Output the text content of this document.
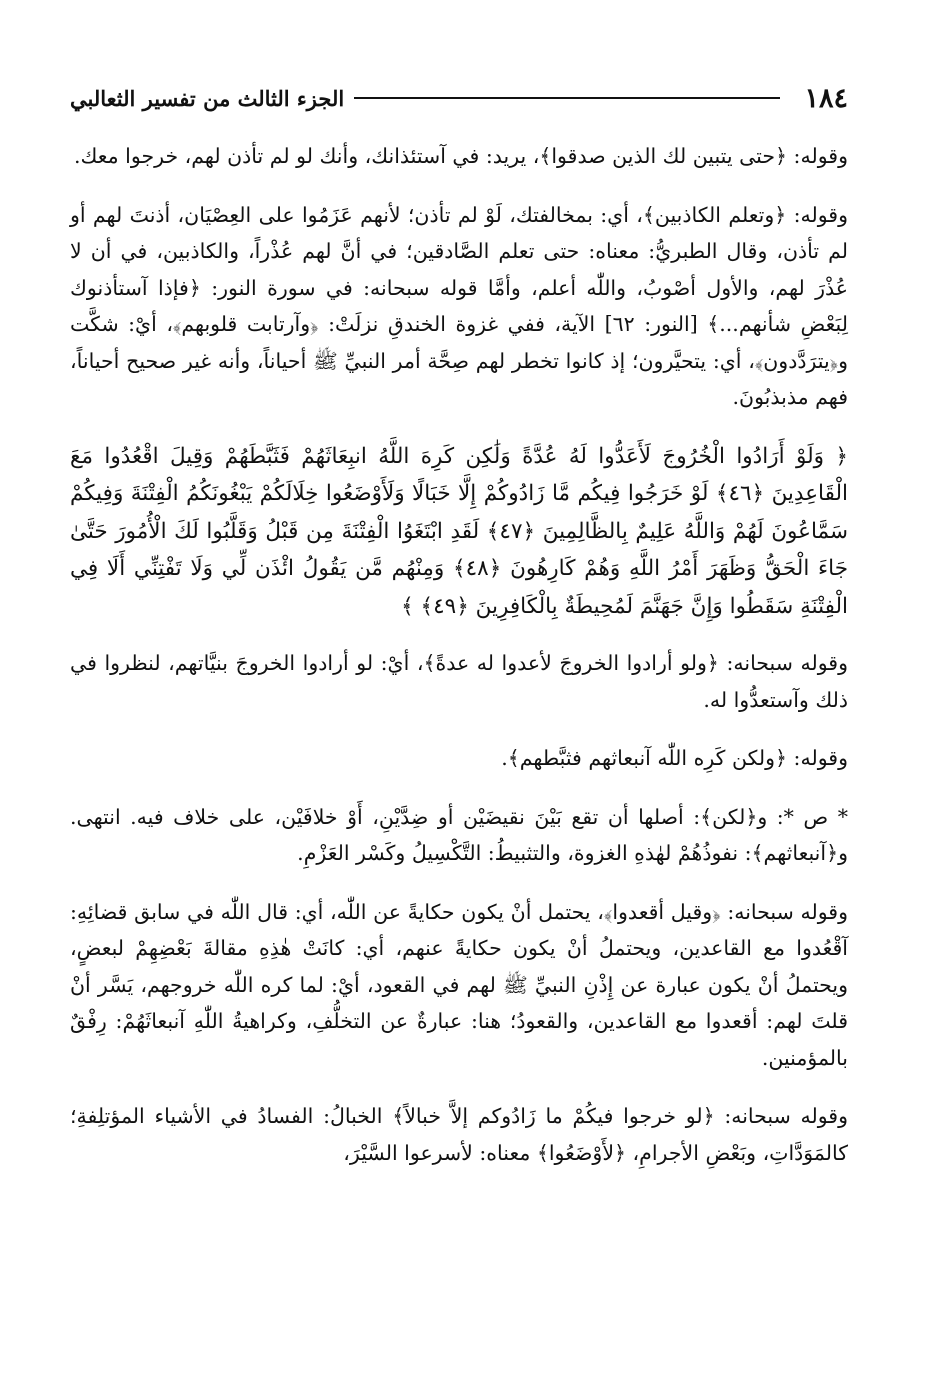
١٨٤
الجزء الثالث من تفسير الثعالبي

وقوله: ﴿حتى يتبين لك الذين صدقوا﴾، يريد: في آستئذانك، وأنك لو لم تأذن لهم، خرجوا معك.

وقوله: ﴿وتعلم الكاذبين﴾، أي: بمخالفتك، لَوْ لم تأذن؛ لأنهم عَزَمُوا على العِصْيَان، أذنتَ لهم أو لم تأذن، وقال الطبريُّ: معناه: حتى تعلم الصَّادقين؛ في أنَّ لهم عُذْراً، والكاذبين، في أن لا عُذْرَ لهم، والأول أصْوبُ، واللّٰه أعلم، وأمَّا قوله سبحانه: في سورة النور: ﴿فإذا آستأذنوك لِبَعْضِ شأنهم...﴾ [النور: ٦٢] الآية، ففي غزوة الخندقِ نزلَتْ: ﴿وآرتابت قلوبهم﴾، أيْ: شكَّت و﴿يترَدَّدون﴾، أي: يتحيَّرون؛ إذ كانوا تخطر لهم صِحَّة أمر النبيِّ ﷺ أحياناً، وأنه غير صحيح أحياناً، فهم مذبذبُونَ.

﴿ وَلَوْ أَرَادُوا الْخُرُوجَ لَأَعَدُّوا لَهُ عُدَّةً وَلَٰكِن كَرِهَ اللَّهُ انبِعَاثَهُمْ فَثَبَّطَهُمْ وَقِيلَ اقْعُدُوا مَعَ الْقَاعِدِينَ ﴿٤٦﴾ لَوْ خَرَجُوا فِيكُم مَّا زَادُوكُمْ إِلَّا خَبَالًا وَلَأَوْضَعُوا خِلَالَكُمْ يَبْغُونَكُمُ الْفِتْنَةَ وَفِيكُمْ سَمَّاعُونَ لَهُمْ وَاللَّهُ عَلِيمٌ بِالظَّالِمِينَ ﴿٤٧﴾ لَقَدِ ابْتَغَوُا الْفِتْنَةَ مِن قَبْلُ وَقَلَّبُوا لَكَ الْأُمُورَ حَتَّىٰ جَاءَ الْحَقُّ وَظَهَرَ أَمْرُ اللَّهِ وَهُمْ كَارِهُونَ ﴿٤٨﴾ وَمِنْهُم مَّن يَقُولُ ائْذَن لِّي وَلَا تَفْتِنِّي أَلَا فِي الْفِتْنَةِ سَقَطُوا وَإِنَّ جَهَنَّمَ لَمُحِيطَةٌ بِالْكَافِرِينَ ﴿٤٩﴾ ﴾

وقوله سبحانه: ﴿ولو أرادوا الخروجَ لأعدوا له عدةً﴾، أيْ: لو أرادوا الخروجَ بنيَّاتهم، لنظروا في ذلك وآستعدُّوا له.

وقوله: ﴿ولكن كَرِه اللّٰه آنبعاثهم فثبَّطهم﴾.

* ص *: و﴿لكن﴾: أصلها أن تقع بَيْنَ نقيضَيْن أو ضِدَّيْنِ، أَوْ خلافَيْن، على خلاف فيه. انتهى. و﴿آنبعاثهم﴾: نفوذُهُمْ لهٰذهِ الغزوة، والتثبيطُ: التَّكْسِيلُ وكَسْر العَزْمِ.

وقوله سبحانه: ﴿وقيل أقعدوا﴾، يحتمل أنْ يكون حكايةً عن اللّٰه، أي: قال اللّٰه في سابق قضائِهِ: آقْعُدوا مع القاعدين، ويحتملُ أنْ يكون حكايةً عنهم، أي: كانَتْ هٰذِهِ مقالةَ بَعْضِهِمْ لبعضٍ، ويحتملُ أنْ يكون عبارة عن إِذْنِ النبيِّ ﷺ لهم في القعود، أيْ: لما كره اللّٰه خروجهم، يَسَّر أنْ قلتَ لهم: أقعدوا مع القاعدين، والقعودُ؛ هنا: عبارةٌ عن التخلُّفِ، وكراهيةُ اللّٰهِ آنبعاثَهُمْ: رِفْقٌ بالمؤمنين.

وقوله سبحانه: ﴿لو خرجوا فيكُمْ ما زَادُوكم إلاَّ خبالاً﴾ الخبالُ: الفسادُ في الأشياء المؤتلِفةِ؛ كالمَوَدَّاتِ، وبَعْضِ الأجرامِ، ﴿لأَوْضَعُوا﴾ معناه: لأسرعوا السَّيْرَ،
